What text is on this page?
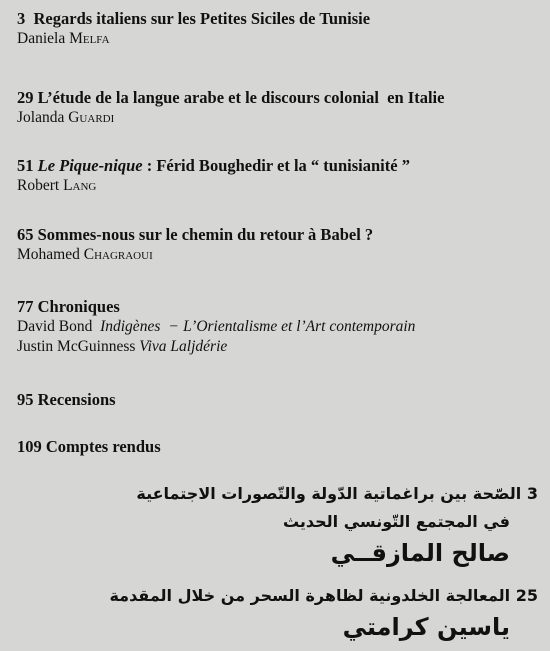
3 Regards italiens sur les Petites Siciles de Tunisie
Daniela Melfa
29 L’étude de la langue arabe et le discours colonial  en Italie
Jolanda Guardi
51 Le Pique-nique : Férid Boughedir et la “ tunisianité ”
Robert Lang
65 Sommes-nous sur le chemin du retour à Babel ?
Mohamed Chagraoui
77 Chroniques
David Bond Indigènes − L’Orientalisme et l’Art contemporain
Justin McGuinness Viva Laljdérie
95 Recensions
109 Comptes rendus
3 الصّحة بين براغماتية الدّولة والتّصورات الاجتماعية
في المجتمع التّونسي الحديث
صالح المازقــي
25 المعالجة الخلدونية لظاهرة السحر من خلال المقدمة
ياسين كرامتي
